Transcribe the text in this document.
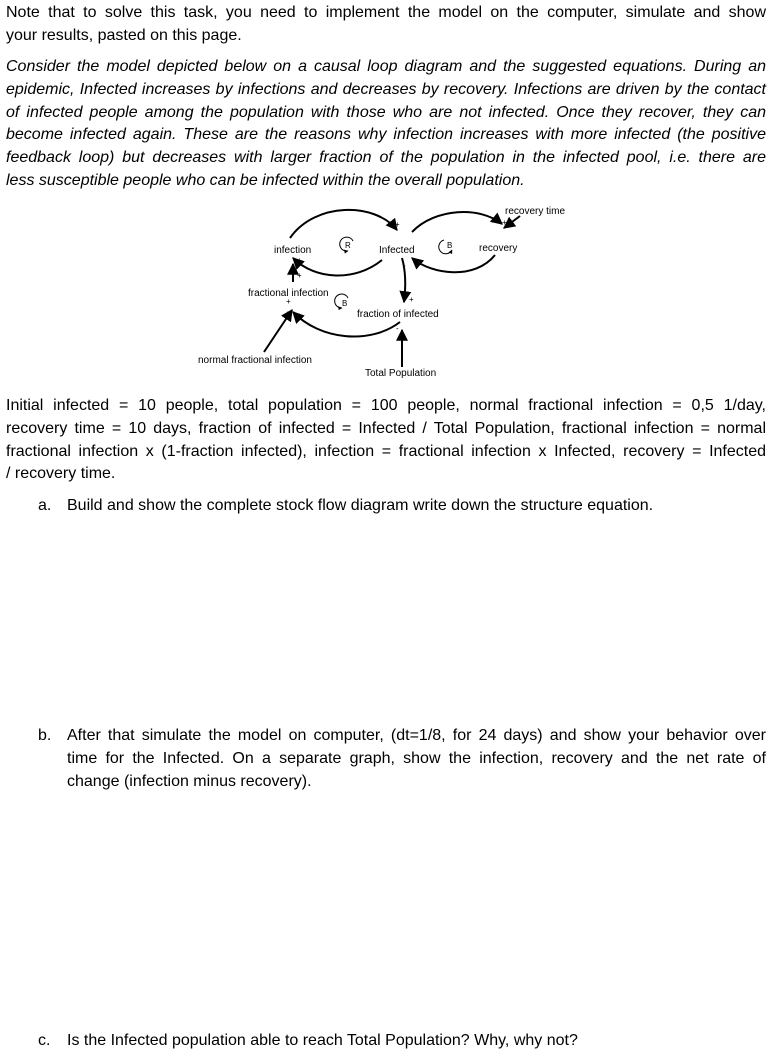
Note that to solve this task, you need to implement the model on the computer, simulate and show
your results, pasted on this page.
Consider the model depicted below on a causal loop diagram and the suggested equations. During an
epidemic, Infected increases by infections and decreases by recovery. Infections are driven by the contact
of infected people among the population with those who are not infected. Once they recover, they can
become infected again. These are the reasons why infection increases with more infected (the positive
feedback loop) but decreases with larger fraction of the population in the infected pool, i.e. there are
less susceptible people who can be infected within the overall population.
R	B
B
+
+
+
-
+
+
-
+
-
recovery time
infection	Infected	recovery
fractional infection
fraction of infected
normal fractional infection
Total Population
Initial infected = 10 people, total population = 100 people, normal fractional infection = 0,5 1/day,
recovery time = 10 days, fraction of infected = Infected / Total Population, fractional infection = normal
fractional infection x (1-fraction infected), infection = fractional infection x Infected, recovery = Infected
/ recovery time.
a. Build and show the complete stock flow diagram write down the structure equation.
b. After that simulate the model on computer, (dt=1/8, for 24 days) and show your behavior over
time for the Infected. On a separate graph, show the infection, recovery and the net rate of
change (infection minus recovery).
c. Is the Infected population able to reach Total Population? Why, why not?
